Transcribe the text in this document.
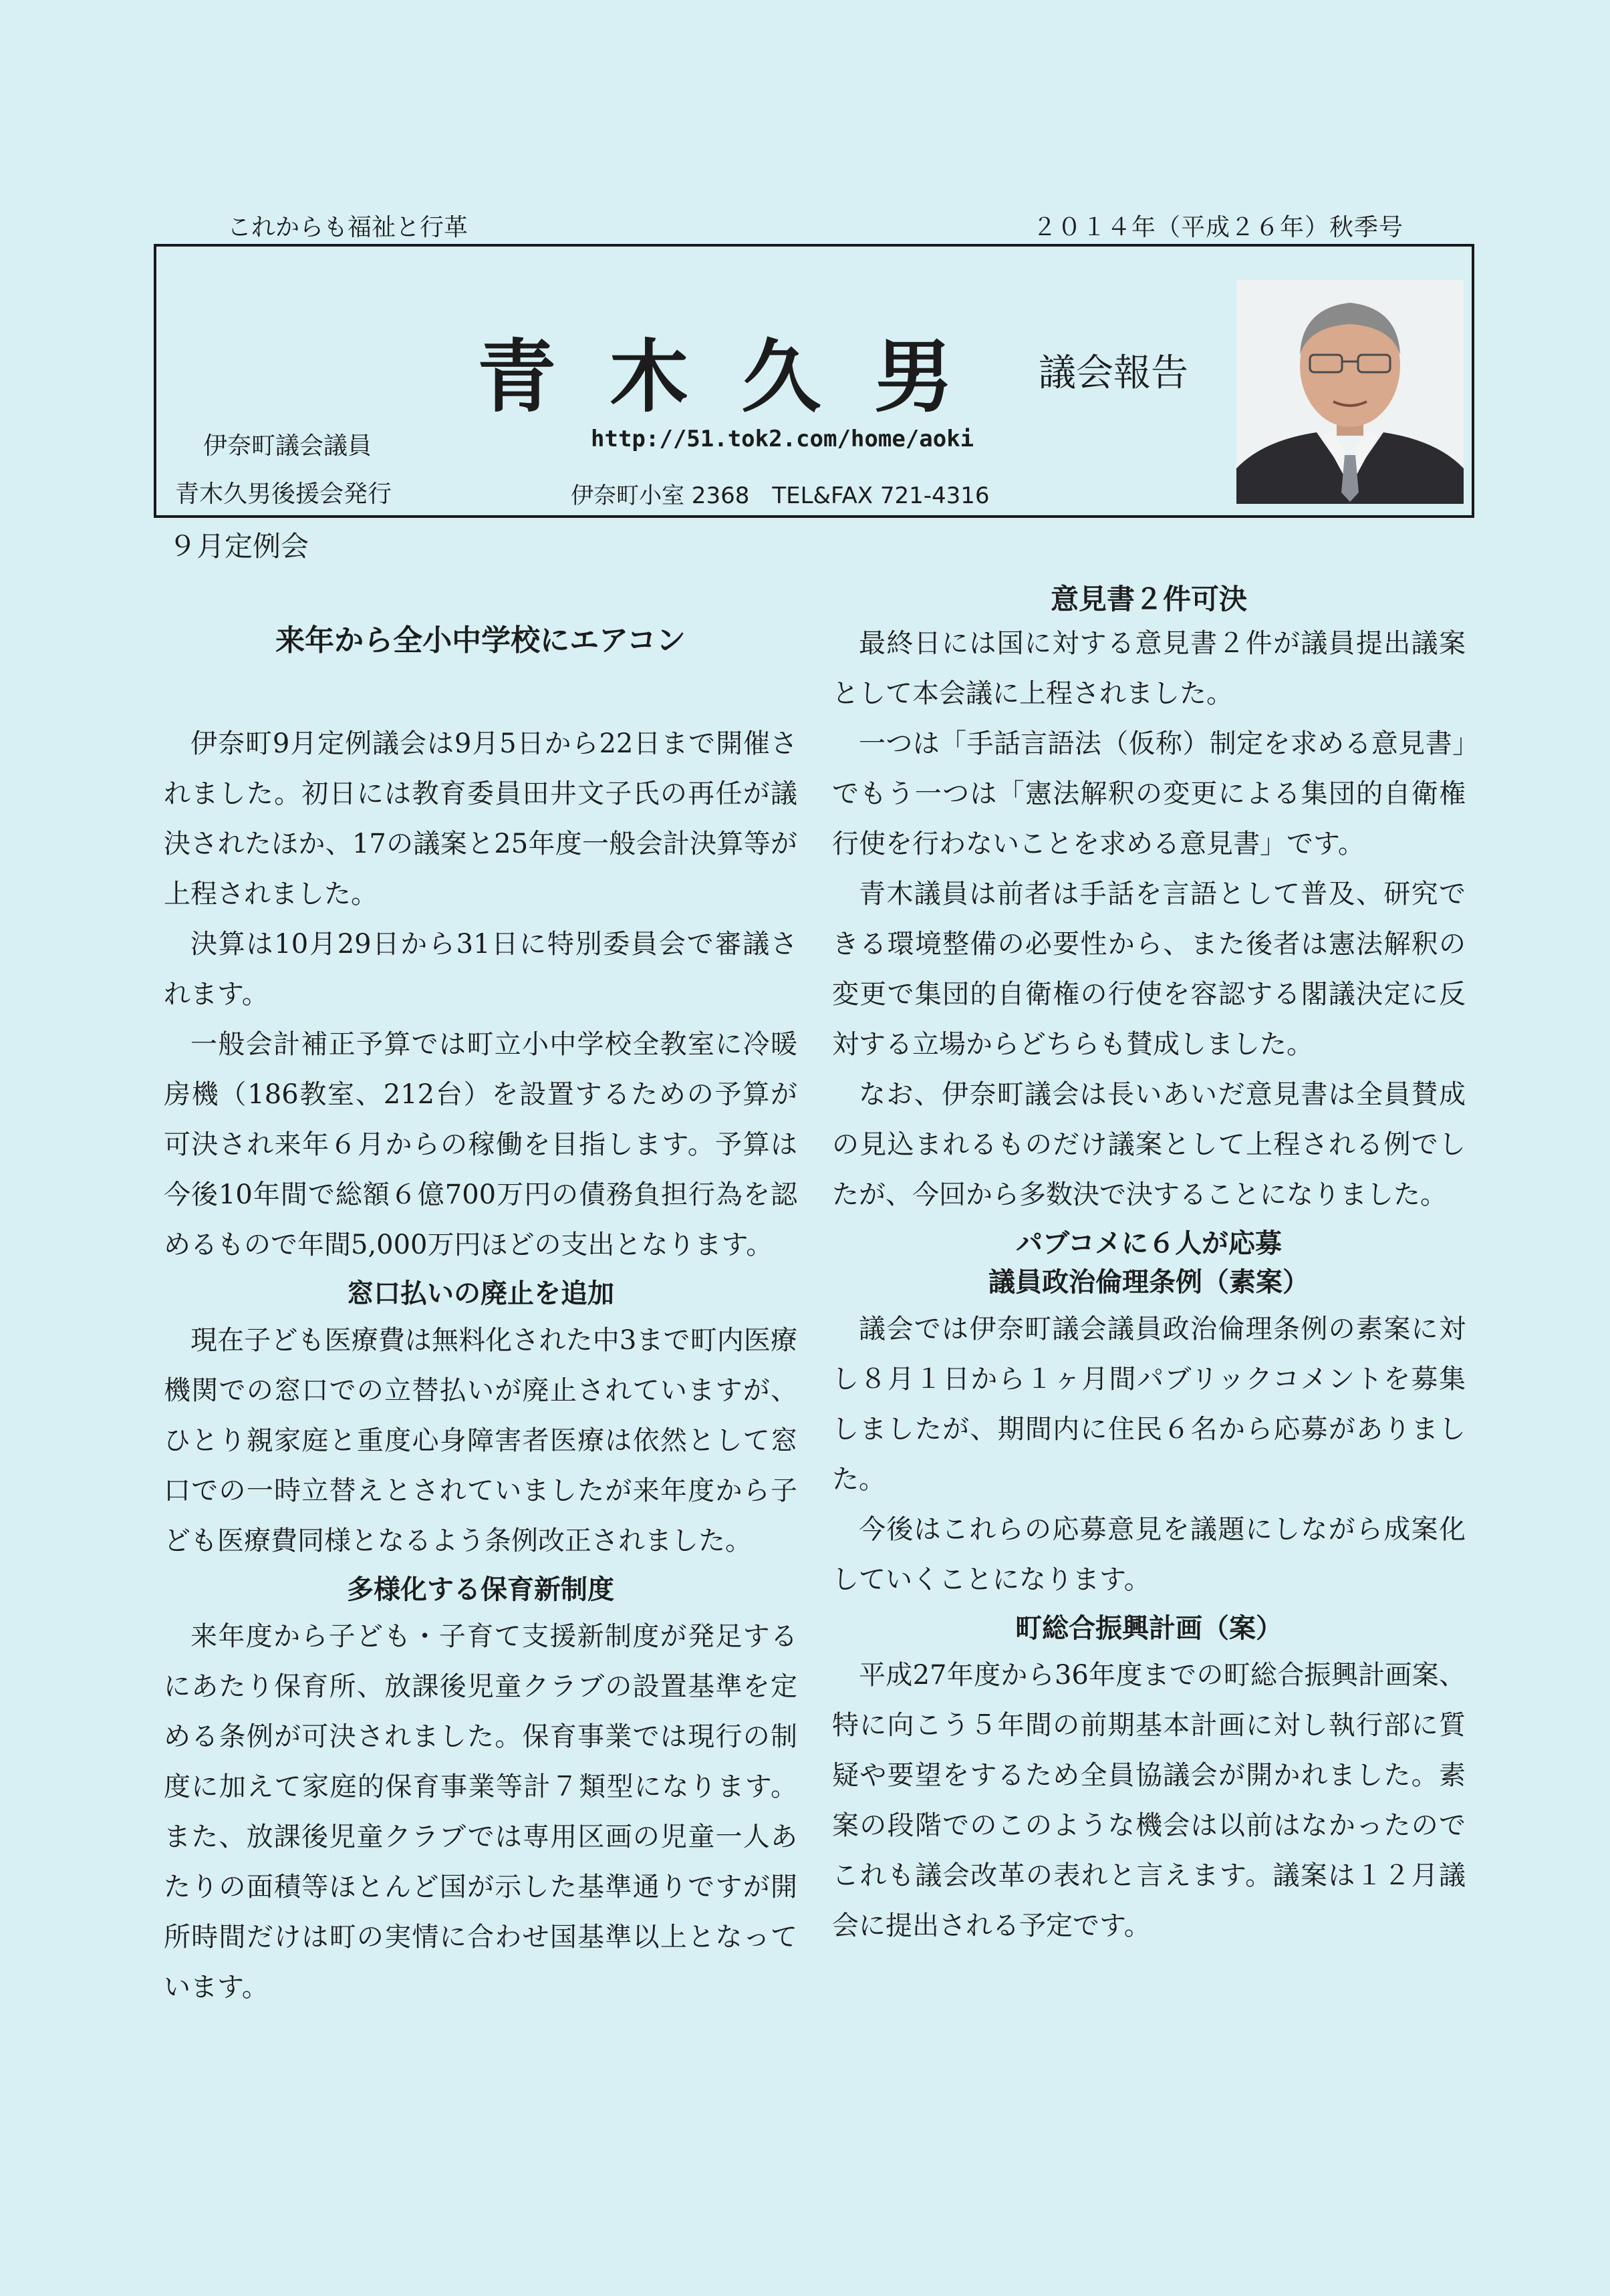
これからも福祉と行革	２０１４年（平成２６年）秋季号
青木久男 議会報告
伊奈町議会議員
青木久男後援会発行
http://51.tok2.com/home/aoki
伊奈町小室 2368　TEL&FAX 721-4316
９月定例会
来年から全小中学校にエアコン

伊奈町9月定例議会は9月5日から22日まで開催されました。初日には教育委員田井文子氏の再任が議決されたほか、17の議案と25年度一般会計決算等が上程されました。

決算は10月29日から31日に特別委員会で審議されます。

一般会計補正予算では町立小中学校全教室に冷暖房機（186教室、212台）を設置するための予算が可決され来年６月からの稼働を目指します。予算は今後10年間で総額６億700万円の債務負担行為を認めるもので年間5,000万円ほどの支出となります。

窓口払いの廃止を追加

現在子ども医療費は無料化された中3まで町内医療機関での窓口での立替払いが廃止されていますが、ひとり親家庭と重度心身障害者医療は依然として窓口での一時立替えとされていましたが来年度から子ども医療費同様となるよう条例改正されました。

多様化する保育新制度

来年度から子ども・子育て支援新制度が発足するにあたり保育所、放課後児童クラブの設置基準を定める条例が可決されました。保育事業では現行の制度に加えて家庭的保育事業等計７類型になります。また、放課後児童クラブでは専用区画の児童一人あたりの面積等ほとんど国が示した基準通りですが開所時間だけは町の実情に合わせ国基準以上となっています。

意見書２件可決

最終日には国に対する意見書２件が議員提出議案として本会議に上程されました。

一つは「手話言語法（仮称）制定を求める意見書」でもう一つは「憲法解釈の変更による集団的自衛権行使を行わないことを求める意見書」です。

青木議員は前者は手話を言語として普及、研究できる環境整備の必要性から、また後者は憲法解釈の変更で集団的自衛権の行使を容認する閣議決定に反対する立場からどちらも賛成しました。

なお、伊奈町議会は長いあいだ意見書は全員賛成の見込まれるものだけ議案として上程される例でしたが、今回から多数決で決することになりました。

パブコメに６人が応募
議員政治倫理条例（素案）

議会では伊奈町議会議員政治倫理条例の素案に対し８月１日から１ヶ月間パブリックコメントを募集しましたが、期間内に住民６名から応募がありました。

今後はこれらの応募意見を議題にしながら成案化していくことになります。

町総合振興計画（案）

平成27年度から36年度までの町総合振興計画案、特に向こう５年間の前期基本計画に対し執行部に質疑や要望をするため全員協議会が開かれました。素案の段階でのこのような機会は以前はなかったのでこれも議会改革の表れと言えます。議案は１２月議会に提出される予定です。
